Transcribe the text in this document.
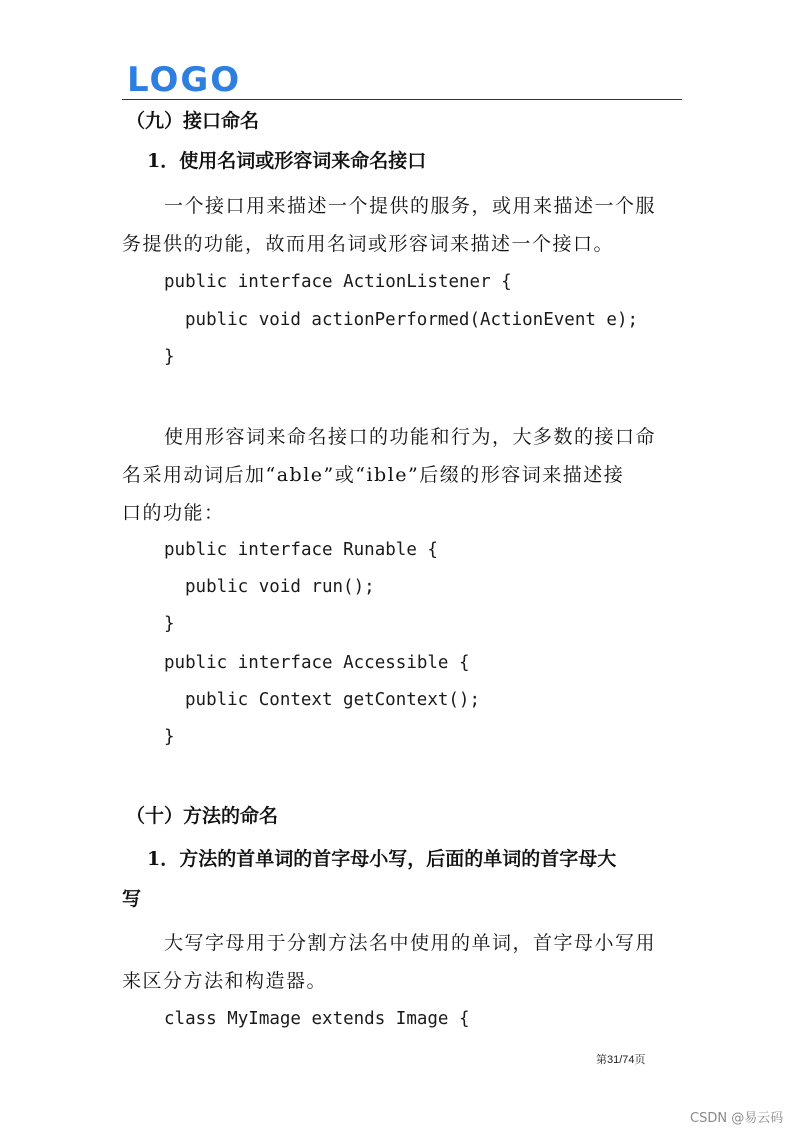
LOGO
（九）接口命名
1．使用名词或形容词来命名接口
一个接口用来描述一个提供的服务，或用来描述一个服
务提供的功能，故而用名词或形容词来描述一个接口。
public interface ActionListener {
public void actionPerformed(ActionEvent e);
}
使用形容词来命名接口的功能和行为，大多数的接口命
名采用动词后加“able”或“ible”后缀的形容词来描述接
口的功能：
public interface Runable {
public void run();
}
public interface Accessible {
public Context getContext();
}
（十）方法的命名
1．方法的首单词的首字母小写，后面的单词的首字母大
写
大写字母用于分割方法名中使用的单词，首字母小写用
来区分方法和构造器。
class MyImage extends Image {
第31/74页
CSDN @易云码
